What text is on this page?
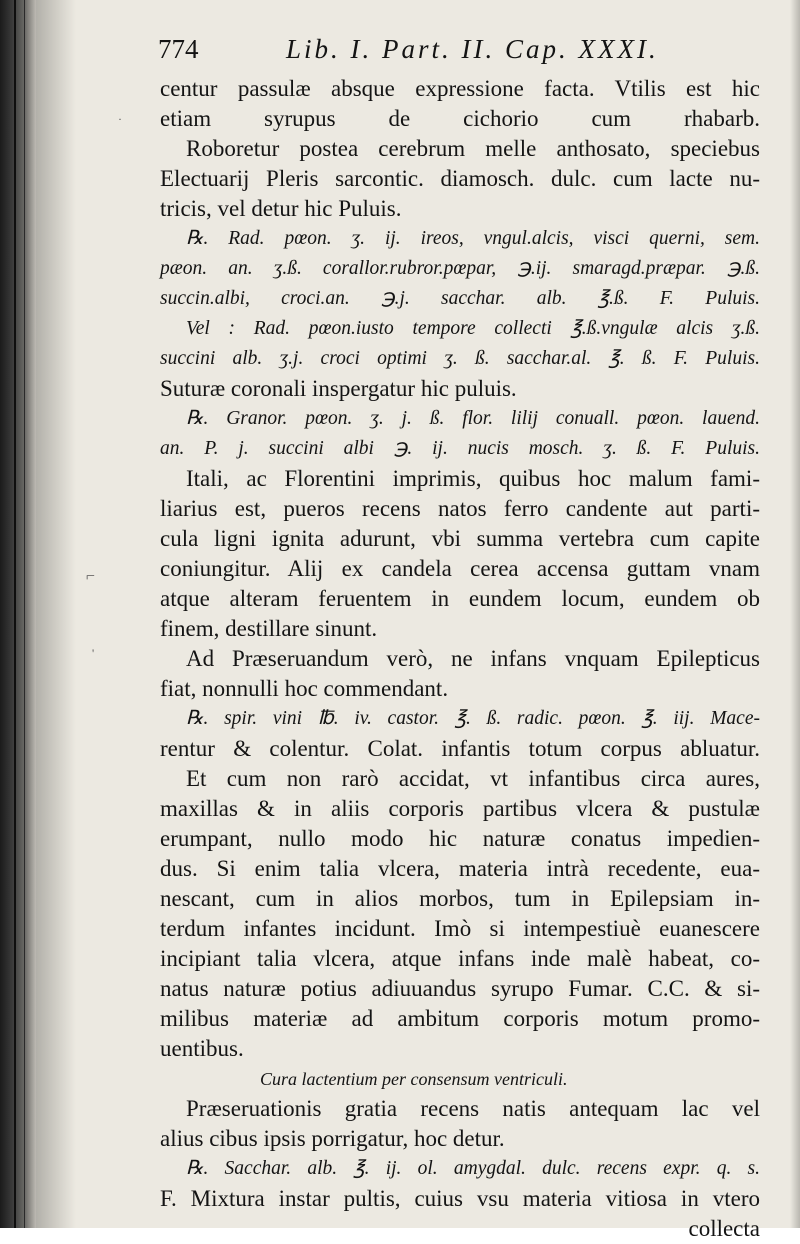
⌐
'
·
774	Lib. I. Part. II. Cap. XXXI.
centur passulæ absque expressione facta. Vtilis est hic
etiam syrupus de cichorio cum rhabarb.
Roboretur postea cerebrum melle anthosato, speciebus
Electuarij Pleris sarcontic. diamosch. dulc. cum lacte nu-
tricis, vel detur hic Puluis.
℞. Rad. pœon. ʒ. ij. ireos, vngul.alcis, visci querni, sem.
pæon. an. ʒ.ß. corallor.rubror.pœpar, ℈.ij. smaragd.præpar. ℈.ß.
succin.albi, croci.an. ℈.j. sacchar. alb. ℥.ß. F. Puluis.
Vel : Rad. pœon.iusto tempore collecti ℥.ß.vngulæ alcis ʒ.ß.
succini alb. ʒ.j. croci optimi ʒ. ß. sacchar.al. ℥. ß. F. Puluis.
Suturæ coronali inspergatur hic puluis.
℞. Granor. pœon. ʒ. j. ß. flor. lilij conuall. pœon. lauend.
an. P. j. succini albi ℈. ij. nucis mosch. ʒ. ß. F. Puluis.
Itali, ac Florentini imprimis, quibus hoc malum fami-
liarius est, pueros recens natos ferro candente aut parti-
cula ligni ignita adurunt, vbi summa vertebra cum capite
coniungitur. Alij ex candela cerea accensa guttam vnam
atque alteram feruentem in eundem locum, eundem ob
finem, destillare sinunt.
Ad Præseruandum verò, ne infans vnquam Epilepticus
fiat, nonnulli hoc commendant.
℞. spir. vini ℔. iv. castor. ℥. ß. radic. pœon. ℥. iij. Mace-
rentur & colentur. Colat. infantis totum corpus abluatur.
Et cum non rarò accidat, vt infantibus circa aures,
maxillas & in aliis corporis partibus vlcera & pustulæ
erumpant, nullo modo hic naturæ conatus impedien-
dus. Si enim talia vlcera, materia intrà recedente, eua-
nescant, cum in alios morbos, tum in Epilepsiam in-
terdum infantes incidunt. Imò si intempestiuè euanescere
incipiant talia vlcera, atque infans inde malè habeat, co-
natus naturæ potius adiuuandus syrupo Fumar. C.C. & si-
milibus materiæ ad ambitum corporis motum promo-
uentibus.
Cura lactentium per consensum ventriculi.
Præseruationis gratia recens natis antequam lac vel
alius cibus ipsis porrigatur, hoc detur.
℞. Sacchar. alb. ℥. ij. ol. amygdal. dulc. recens expr. q. s.
F. Mixtura instar pultis, cuius vsu materia vitiosa in vtero
collecta
